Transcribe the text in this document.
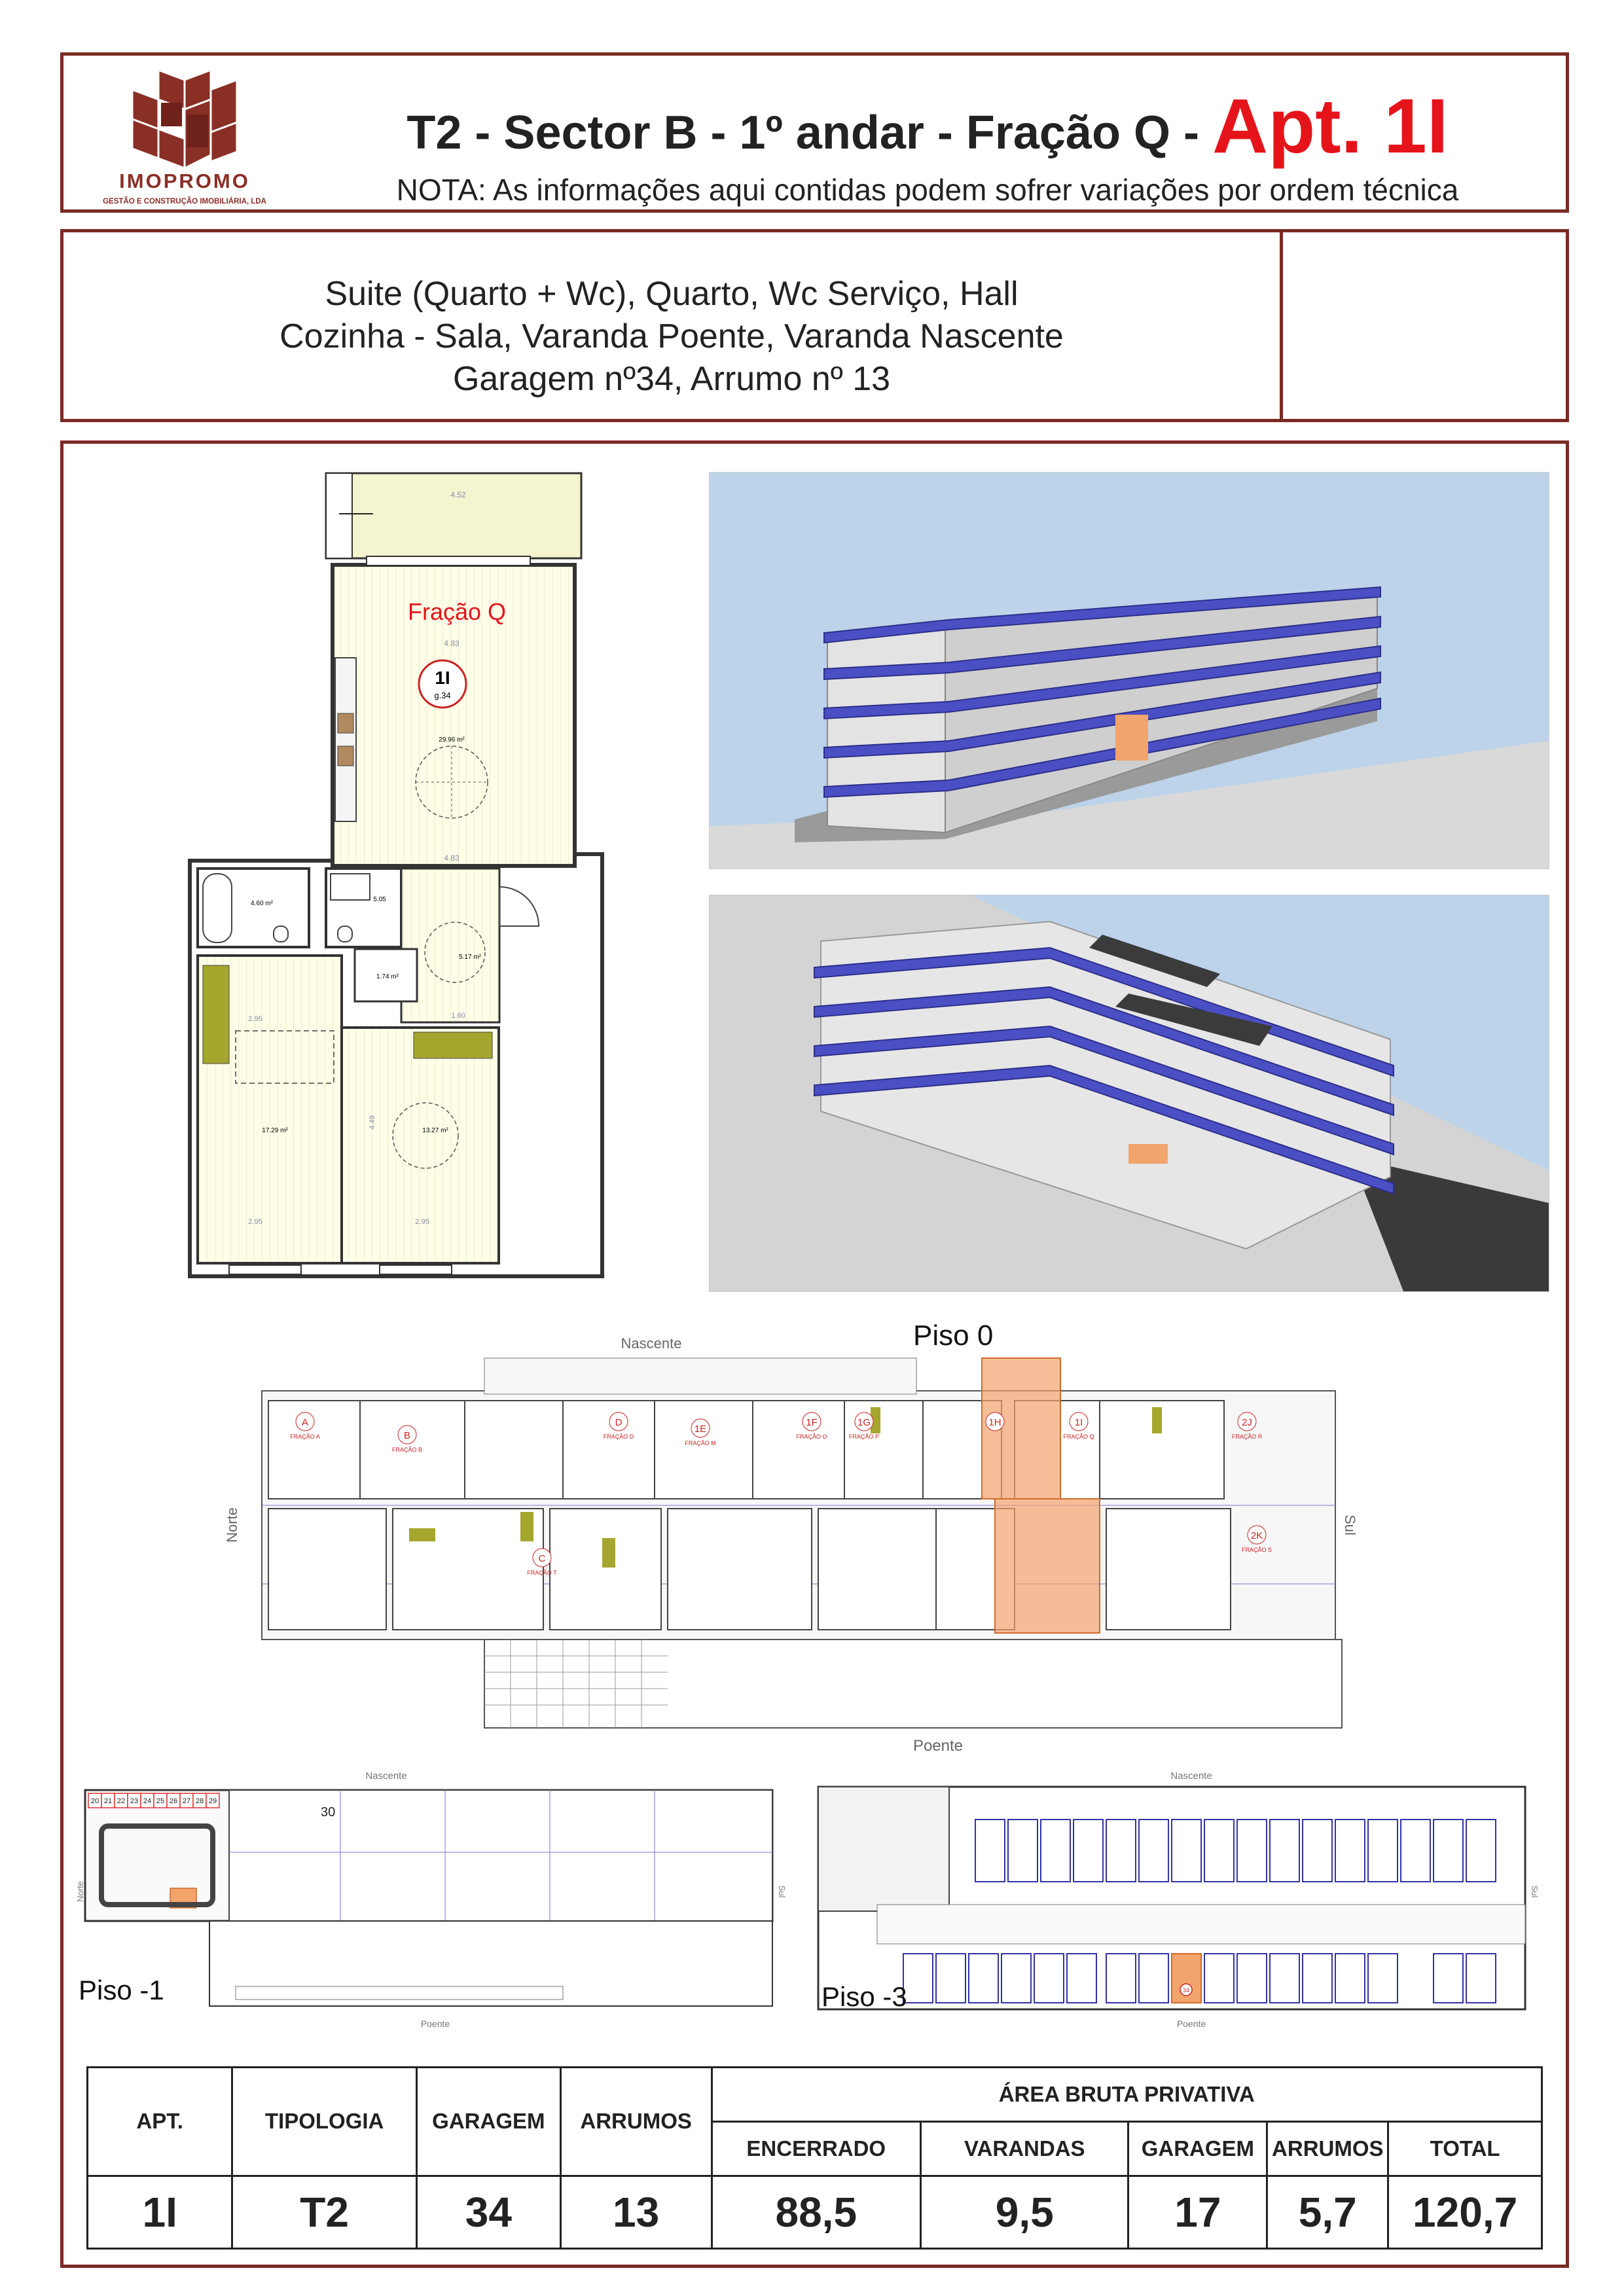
IMOPROMO
GESTÃO E CONSTRUÇÃO IMOBILIÁRIA, LDA
T2 - Sector B - 1º andar - Fração Q - Apt. 1I
NOTA: As informações aqui contidas podem sofrer variações por ordem técnica
Suite (Quarto + Wc), Quarto, Wc Serviço, Hall
Cozinha - Sala, Varanda Poente, Varanda Nascente
Garagem nº34, Arrumo nº 13
4.52
Fração Q
4.83
1I
g.34
29.96 m²
4.83
4.60 m²
5.05
5.17 m²
1.74 m²
1.60
2.95
17.29 m²
2.95
13.27 m²
4.49
2.95
Piso 0
.
Nascente
Poente
Norte	Sul
A
B
D
1E
1F	1G	1H	1I	2J
C
2K
FRAÇÃO A
FRAÇÃO B
FRAÇÃO D
FRAÇÃO M
FRAÇÃO O	FRAÇÃO P	FRAÇÃO Q	FRAÇÃO R
FRAÇÃO S
FRAÇÃO T
Nascente
Poente
Norte	Sul
20 21 22 23 24 25 26 27 28 29
30
Piso -1
Nascente
Poente
Sul
34
Piso -3
APT.	TIPOLOGIA	GARAGEM	ARRUMOS	ÁREA BRUTA PRIVATIVA				
				ENCERRADO	VARANDAS	GARAGEM	ARRUMOS	TOTAL
1I	T2	34	13	88,5	9,5	17	5,7	120,7
